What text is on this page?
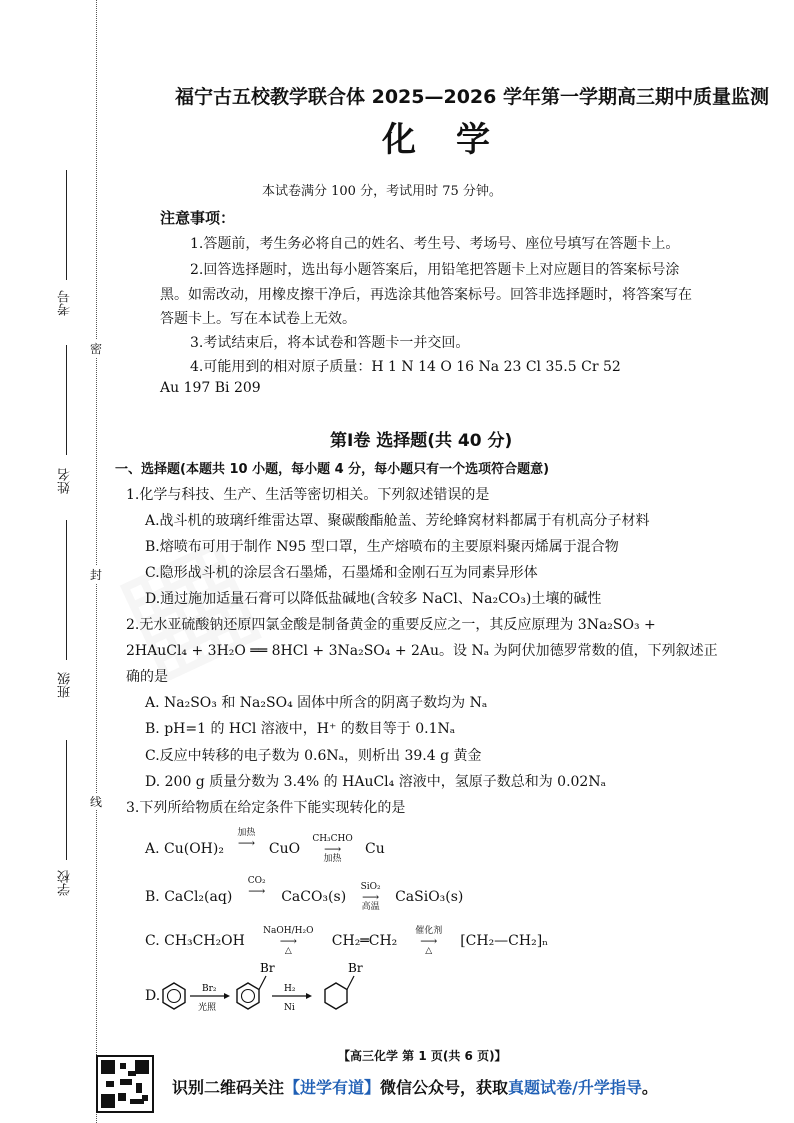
考号
姓名
班级
学校
密
封
线
福宁古五校教学联合体 2025—2026 学年第一学期高三期中质量监测
化学
本试卷满分 100 分，考试用时 75 分钟。
注意事项：
1.答题前，考生务必将自己的姓名、考生号、考场号、座位号填写在答题卡上。
2.回答选择题时，选出每小题答案后，用铅笔把答题卡上对应题目的答案标号涂
黑。如需改动，用橡皮擦干净后，再选涂其他答案标号。回答非选择题时，将答案写在
答题卡上。写在本试卷上无效。
3.考试结束后，将本试卷和答题卡一并交回。
4.可能用到的相对原子质量：H 1 N 14 O 16 Na 23 Cl 35.5 Cr 52
Au 197 Bi 209
第Ⅰ卷 选择题(共 40 分)
一、选择题(本题共 10 小题，每小题 4 分，每小题只有一个选项符合题意)
1.化学与科技、生产、生活等密切相关。下列叙述错误的是
A.战斗机的玻璃纤维雷达罩、聚碳酸酯舱盖、芳纶蜂窝材料都属于有机高分子材料
B.熔喷布可用于制作 N95 型口罩，生产熔喷布的主要原料聚丙烯属于混合物
C.隐形战斗机的涂层含石墨烯，石墨烯和金刚石互为同素异形体
D.通过施加适量石膏可以降低盐碱地(含较多 NaCl、Na₂CO₃)土壤的碱性
2.无水亚硫酸钠还原四氯金酸是制备黄金的重要反应之一，其反应原理为 3Na₂SO₃ +
2HAuCl₄ + 3H₂O ══ 8HCl + 3Na₂SO₄ + 2Au。设 Nₐ 为阿伏加德罗常数的值，下列叙述正
确的是
A. Na₂SO₃ 和 Na₂SO₄ 固体中所含的阴离子数均为 Nₐ
B. pH=1 的 HCl 溶液中，H⁺ 的数目等于 0.1Nₐ
C.反应中转移的电子数为 0.6Nₐ，则析出 39.4 g 黄金
D. 200 g 质量分数为 3.4% 的 HAuCl₄ 溶液中，氢原子数总和为 0.02Nₐ
3.下列所给物质在给定条件下能实现转化的是
A. Cu(OH)₂
加热
⟶
CuO
CH₃CHO
⟶
加热
Cu
B. CaCl₂(aq)
CO₂
⟶
	CaCO₃(s)
SiO₂
⟶
高温
CaSiO₃(s)
C. CH₃CH₂OH
NaOH/H₂O
⟶
△
CH₂═CH₂
催化剂
⟶
△
[CH₂—CH₂]ₙ
D.	Br₂
光照
Br
H₂
Ni
Br
【高三化学 第 1 页(共 6 页)】
识别二维码关注【进学有道】微信公众号，获取真题试卷/升学指导。
